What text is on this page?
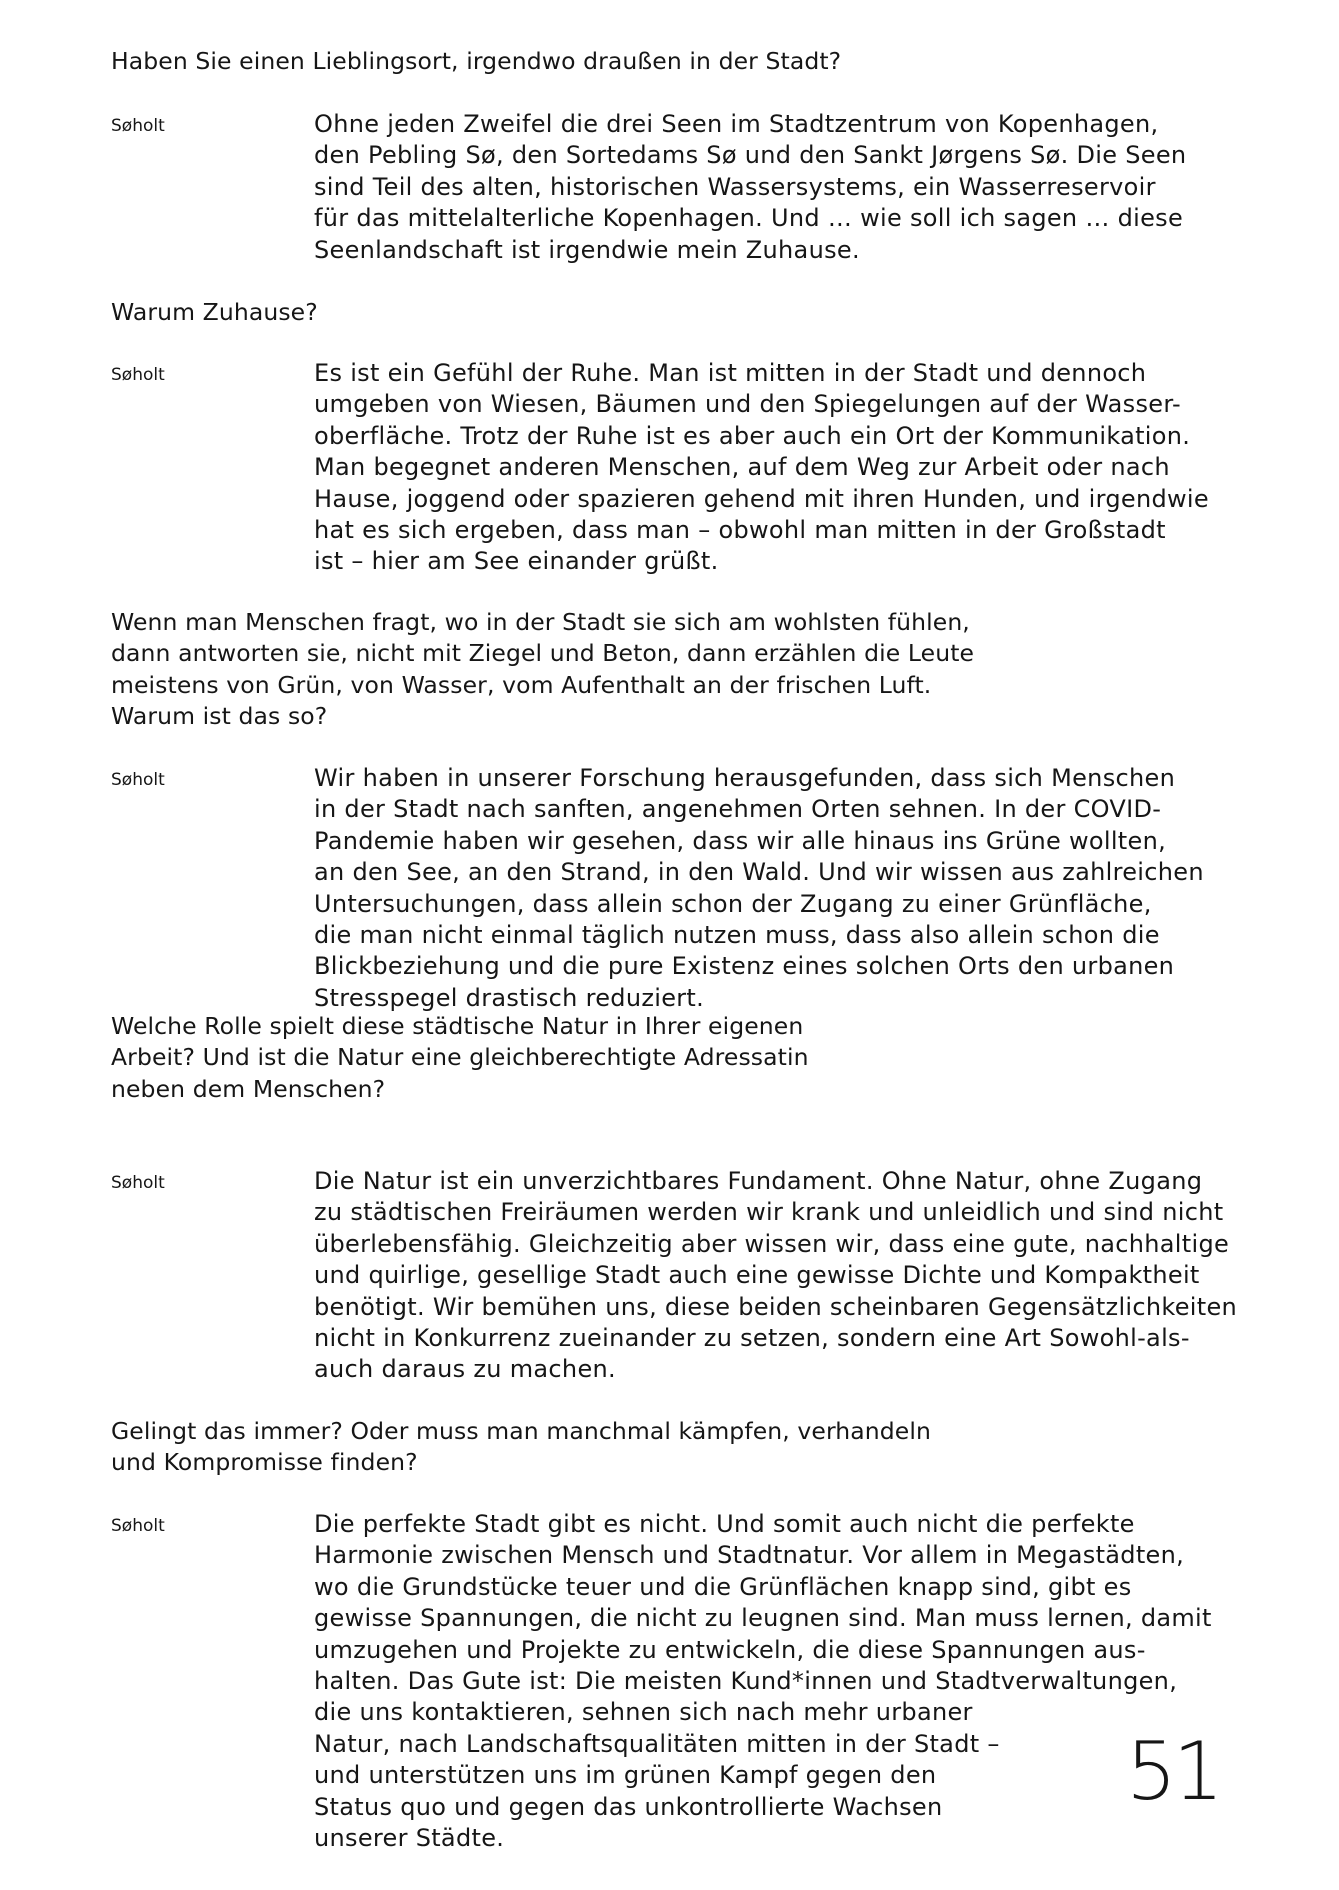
51

Haben Sie einen Lieblingsort, irgendwo draußen in der Stadt?

Søholt	Ohne jeden Zweifel die drei Seen im Stadtzentrum von Kopenhagen,

den Pebling Sø, den Sortedams Sø und den Sankt Jørgens Sø. Die Seen

sind Teil des alten, historischen Wassersystems, ein Wasserreservoir

für das mittelalterliche Kopenhagen. Und … wie soll ich sagen … diese

Seenlandschaft ist irgendwie mein Zuhause.

Warum Zuhause?

Søholt	Es ist ein Gefühl der Ruhe. Man ist mitten in der Stadt und dennoch

umgeben von Wiesen, Bäumen und den Spiegelungen auf der Wasser-

oberfläche. Trotz der Ruhe ist es aber auch ein Ort der Kommunikation.

Man begegnet anderen Menschen, auf dem Weg zur Arbeit oder nach

Hause, joggend oder spazieren gehend mit ihren Hunden, und irgendwie

hat es sich ergeben, dass man – obwohl man mitten in der Großstadt

ist – hier am See einander grüßt.

Wenn man Menschen fragt, wo in der Stadt sie sich am wohlsten fühlen,

dann antworten sie, nicht mit Ziegel und Beton, dann erzählen die Leute

meistens von Grün, von Wasser, vom Aufenthalt an der frischen Luft.

Warum ist das so?

Søholt	Wir haben in unserer Forschung herausgefunden, dass sich Menschen

in der Stadt nach sanften, angenehmen Orten sehnen. In der COVID-

Pandemie haben wir gesehen, dass wir alle hinaus ins Grüne wollten,

an den See, an den Strand, in den Wald. Und wir wissen aus zahlreichen

Untersuchungen, dass allein schon der Zugang zu einer Grünfläche,

die man nicht einmal täglich nutzen muss, dass also allein schon die

Blickbeziehung und die pure Existenz eines solchen Orts den urbanen

Stresspegel drastisch reduziert.

Welche Rolle spielt diese städtische Natur in Ihrer eigenen

Arbeit? Und ist die Natur eine gleichberechtigte Adressatin

neben dem Menschen?

Søholt	Die Natur ist ein unverzichtbares Fundament. Ohne Natur, ohne Zugang

zu städtischen Freiräumen werden wir krank und unleidlich und sind nicht

überlebensfähig. Gleichzeitig aber wissen wir, dass eine gute, nachhaltige

und quirlige, gesellige Stadt auch eine gewisse Dichte und Kompaktheit

benötigt. Wir bemühen uns, diese beiden scheinbaren Gegensätzlichkeiten

nicht in Konkurrenz zueinander zu setzen, sondern eine Art Sowohl-als-

auch daraus zu machen.

Gelingt das immer? Oder muss man manchmal kämpfen, verhandeln

und Kompromisse finden?

Søholt	Die perfekte Stadt gibt es nicht. Und somit auch nicht die perfekte

Harmonie zwischen Mensch und Stadtnatur. Vor allem in Megastädten,

wo die Grundstücke teuer und die Grünflächen knapp sind, gibt es

gewisse Spannungen, die nicht zu leugnen sind. Man muss lernen, damit

umzugehen und Projekte zu entwickeln, die diese Spannungen aus-

halten. Das Gute ist: Die meisten Kund*innen und Stadtverwaltungen,

die uns kontaktieren, sehnen sich nach mehr urbaner

Natur, nach Landschaftsqualitäten mitten in der Stadt –

und unterstützen uns im grünen Kampf gegen den

Status quo und gegen das unkontrollierte Wachsen

unserer Städte.
